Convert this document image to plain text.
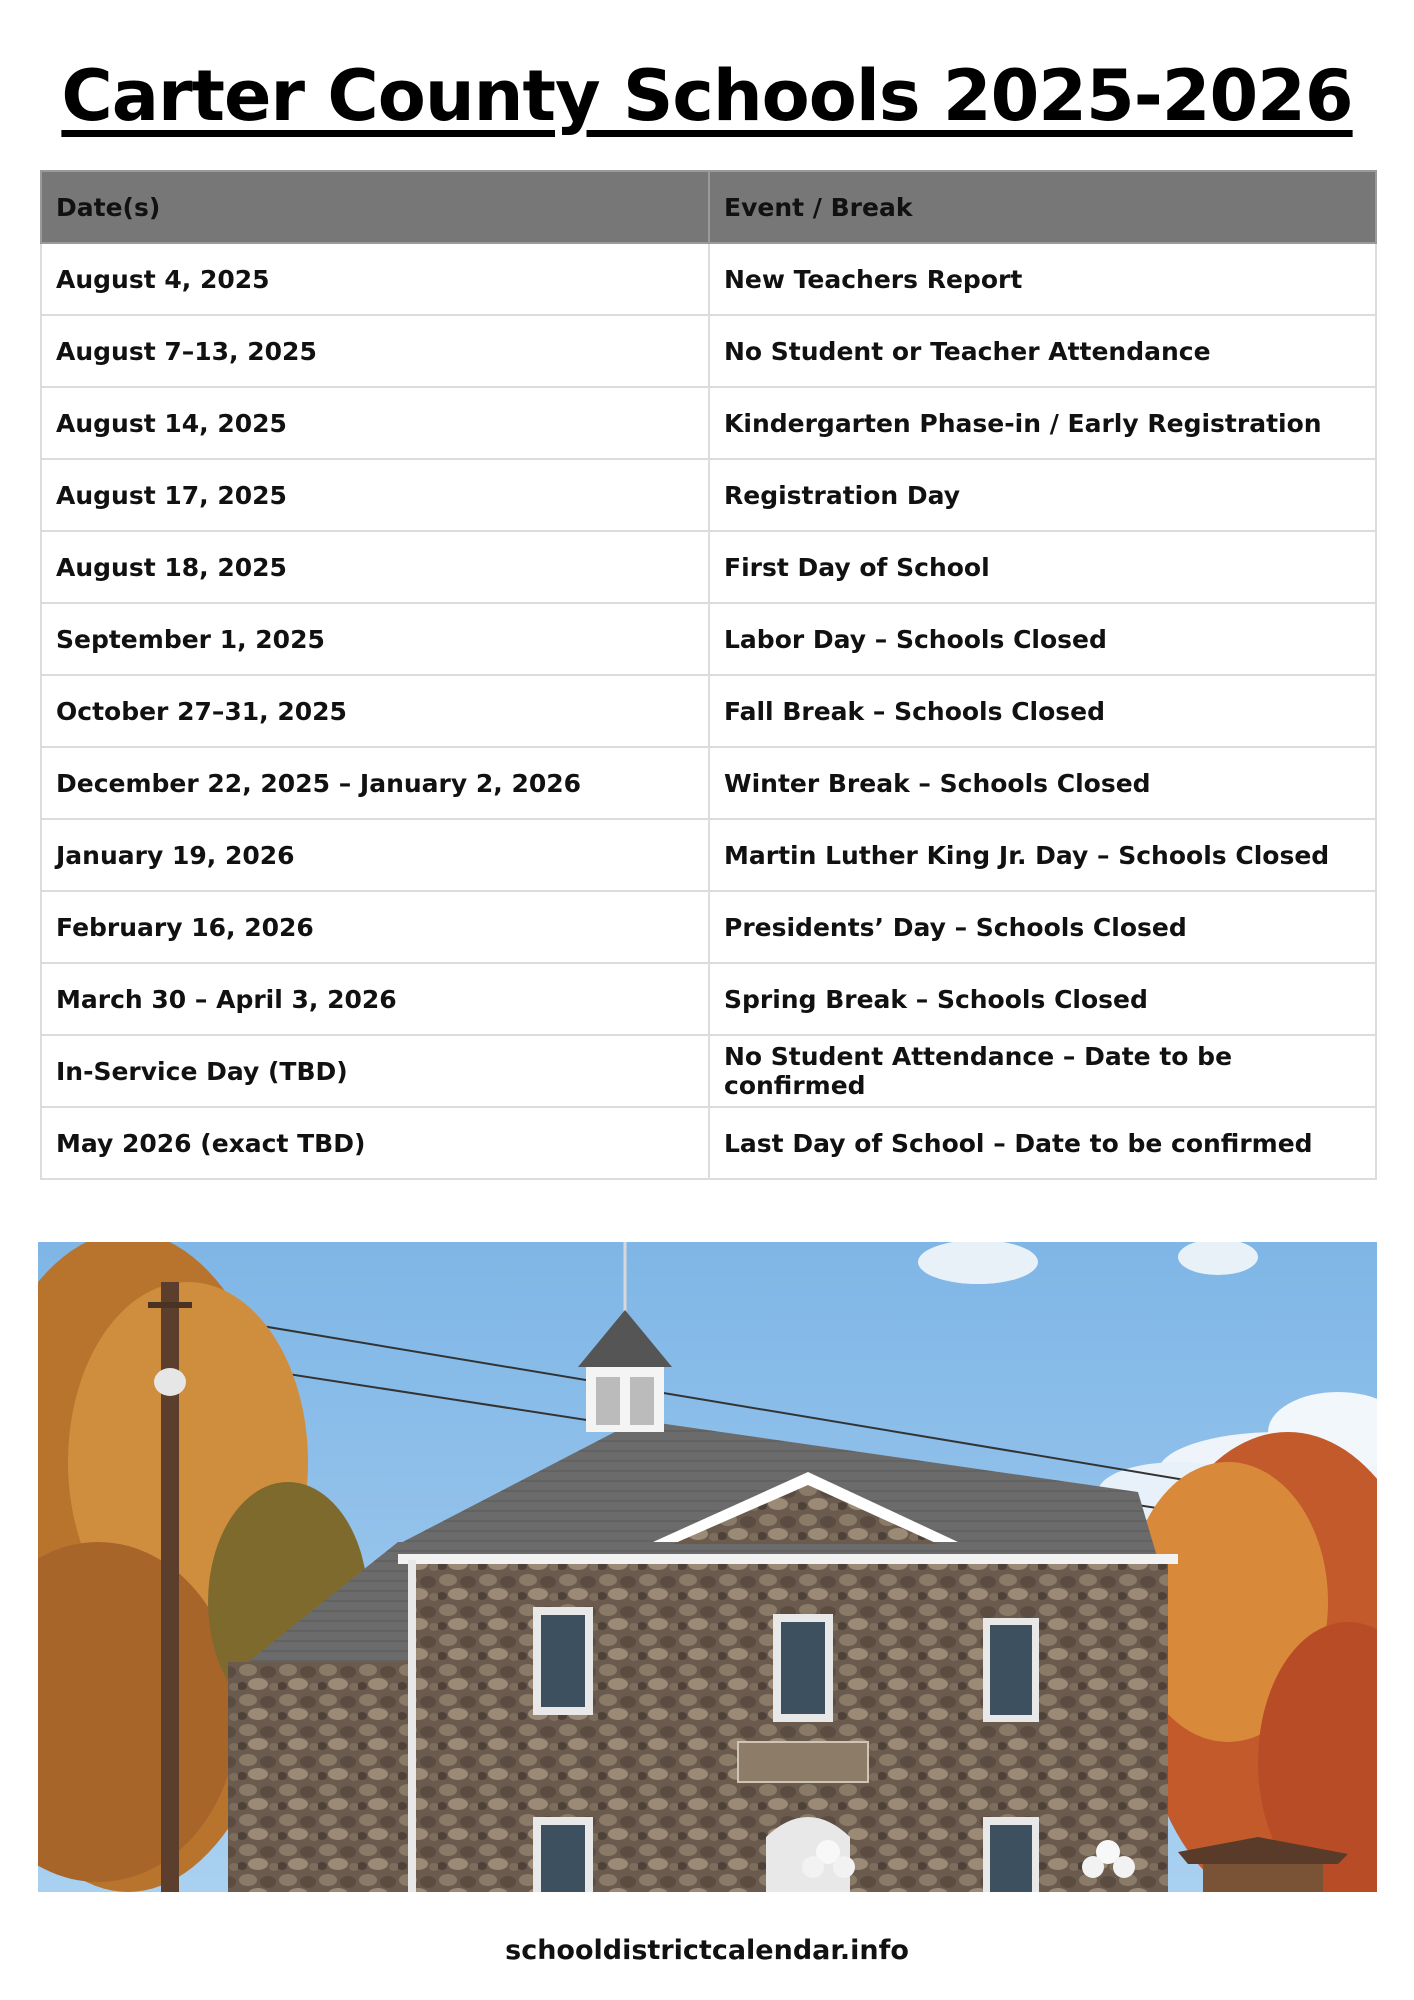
Carter County Schools 2025-2026
Date(s)	Event / Break
August 4, 2025	New Teachers Report
August 7–13, 2025	No Student or Teacher Attendance
August 14, 2025	Kindergarten Phase-in / Early Registration
August 17, 2025	Registration Day
August 18, 2025	First Day of School
September 1, 2025	Labor Day – Schools Closed
October 27–31, 2025	Fall Break – Schools Closed
December 22, 2025 – January 2, 2026	Winter Break – Schools Closed
January 19, 2026	Martin Luther King Jr. Day – Schools Closed
February 16, 2026	Presidents’ Day – Schools Closed
March 30 – April 3, 2026	Spring Break – Schools Closed
In-Service Day (TBD)	No Student Attendance – Date to be confirmed
May 2026 (exact TBD)	Last Day of School – Date to be confirmed
schooldistrictcalendar.info
